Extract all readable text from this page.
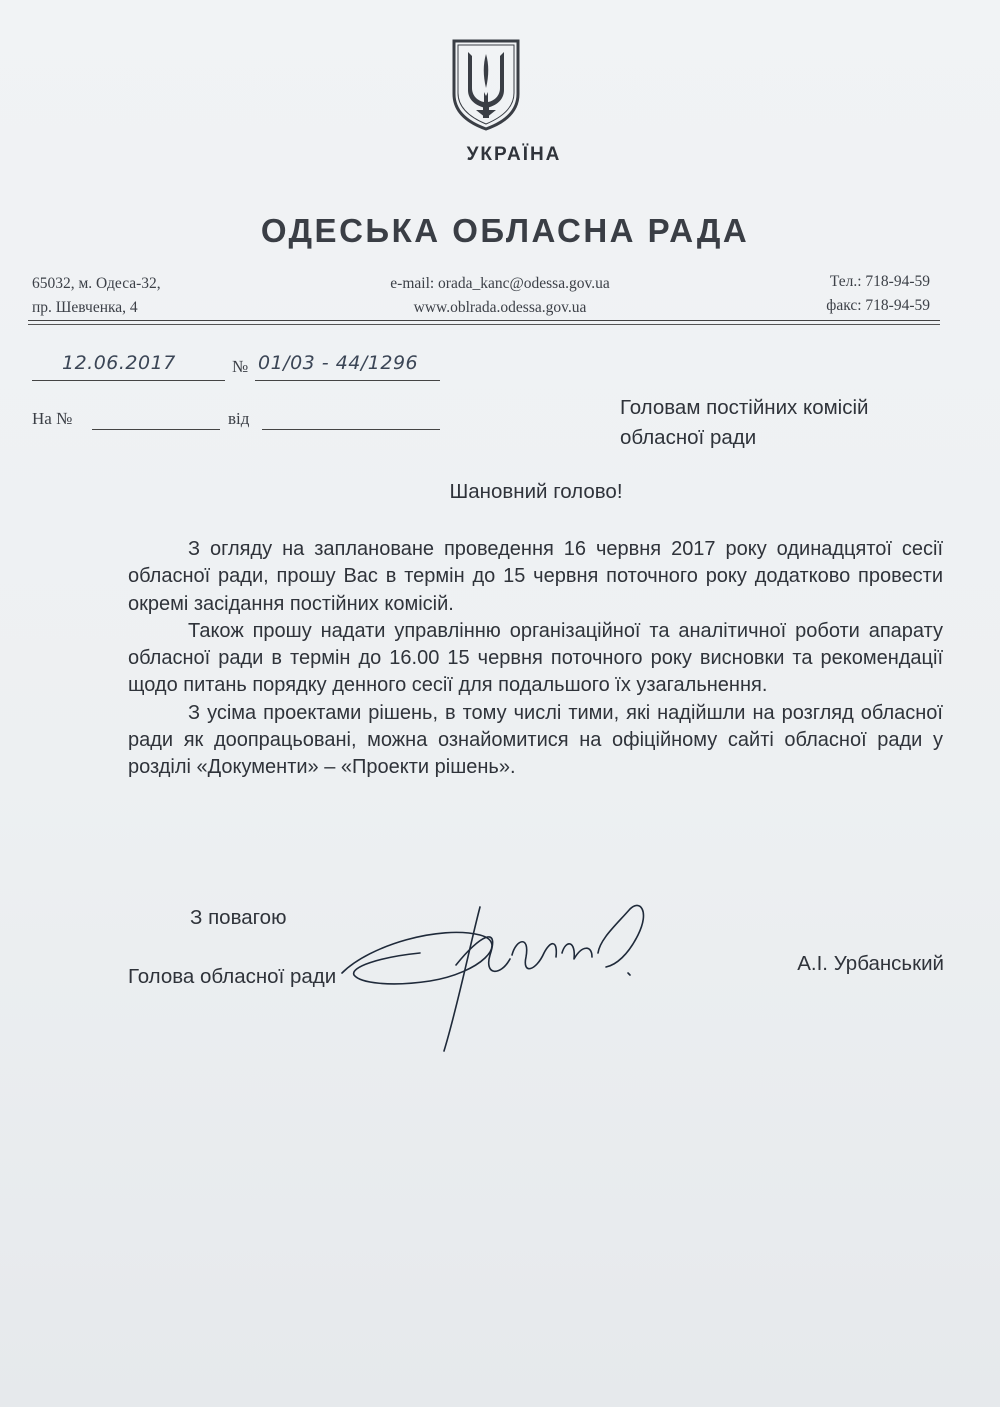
УКРАЇНА
ОДЕСЬКА ОБЛАСНА РАДА
65032, м. Одеса-32,
пр. Шевченка, 4
e-mail: orada_kanc@odessa.gov.ua
www.oblrada.odessa.gov.ua
Тел.: 718-94-59
факс: 718-94-59
12.06.2017	№ 01/03 - 44/1296
На №	від	Головам постійних комісій
обласної ради
Шановний голово!

З огляду на заплановане проведення 16 червня 2017 року одинадцятої сесії обласної ради, прошу Вас в термін до 15 червня поточного року додатково провести окремі засідання постійних комісій.

Також прошу надати управлінню організаційної та аналітичної роботи апарату обласної ради в термін до 16.00 15 червня поточного року висновки та рекомендації щодо питань порядку денного сесії для подальшого їх узагальнення.

З усіма проектами рішень, в тому числі тими, які надійшли на розгляд обласної ради як доопрацьовані, можна ознайомитися на офіційному сайті обласної ради у розділі «Документи» – «Проекти рішень».

З повагою
Голова обласної ради
А.І. Урбанський
